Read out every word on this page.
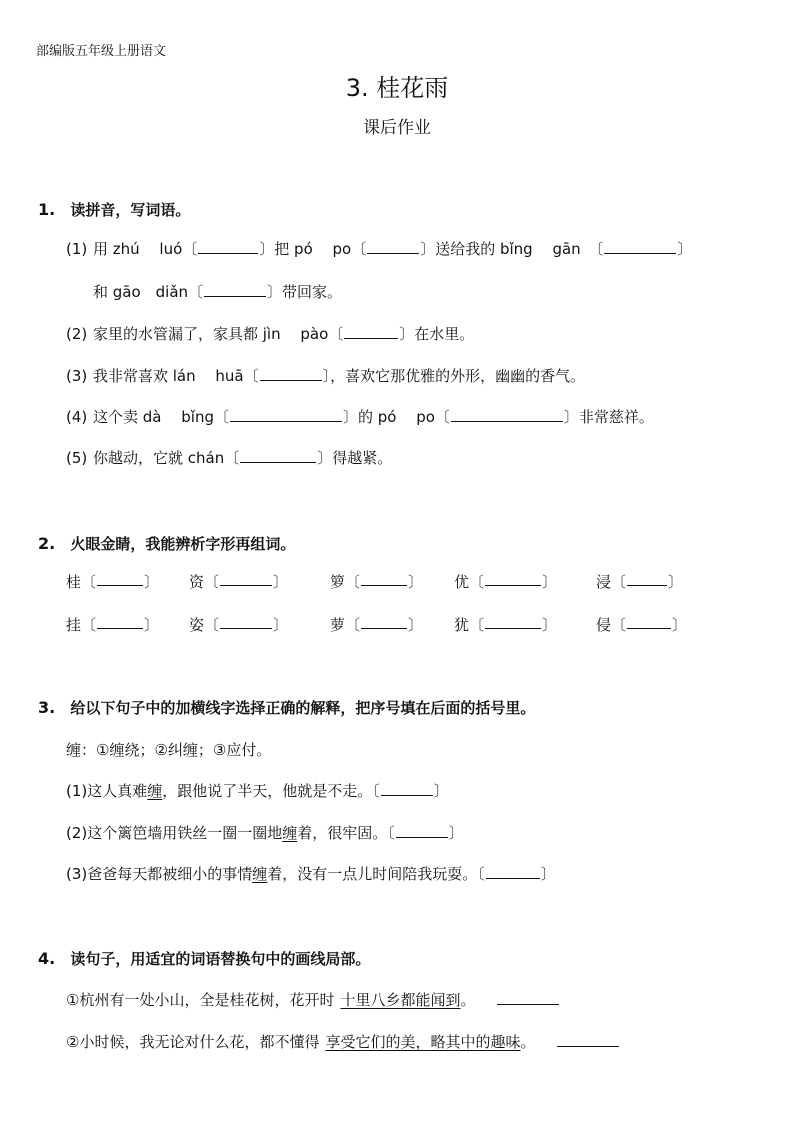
部编版五年级上册语文
3. 桂花雨
课后作业
1. 读拼音，写词语。
(1) 用 zhú　 luó〔	〕把 pó　 po〔	〕送给我的 bǐng　 gān　〔	〕
和 gāo　diǎn〔	〕带回家。
(2) 家里的水管漏了，家具都 jìn　 pào〔	〕在水里。
(3) 我非常喜欢 lán　 huā〔	〕，喜欢它那优雅的外形，幽幽的香气。
(4) 这个卖 dà　 bǐng〔	〕的 pó　 po〔	〕非常慈祥。
(5) 你越动，它就 chán〔	〕得越紧。
2. 火眼金睛，我能辨析字形再组词。
桂 〔	〕 资 〔	〕	箩 〔	〕 优 〔	〕	浸 〔	〕
挂 〔	〕 姿 〔	〕	萝 〔	〕 犹 〔	〕	侵 〔	〕
3. 给以下句子中的加横线字选择正确的解释，把序号填在后面的括号里。
缠：①缠绕；②纠缠；③应付。
(1)这人真难 缠 ，跟他说了半天，他就是不走。〔	〕
(2)这个篱笆墙用铁丝一圈一圈地 缠 着，很牢固。〔	〕
(3)爸爸每天都被细小的事情 缠 着，没有一点儿时间陪我玩耍。〔	〕
4. 读句子，用适宜的词语替换句中的画线局部。
①杭州有一处小山，全是桂花树，花开时 十里八乡都能闻到 。
②小时候，我无论对什么花，都不懂得 享受它们的美，略其中的趣味 。
